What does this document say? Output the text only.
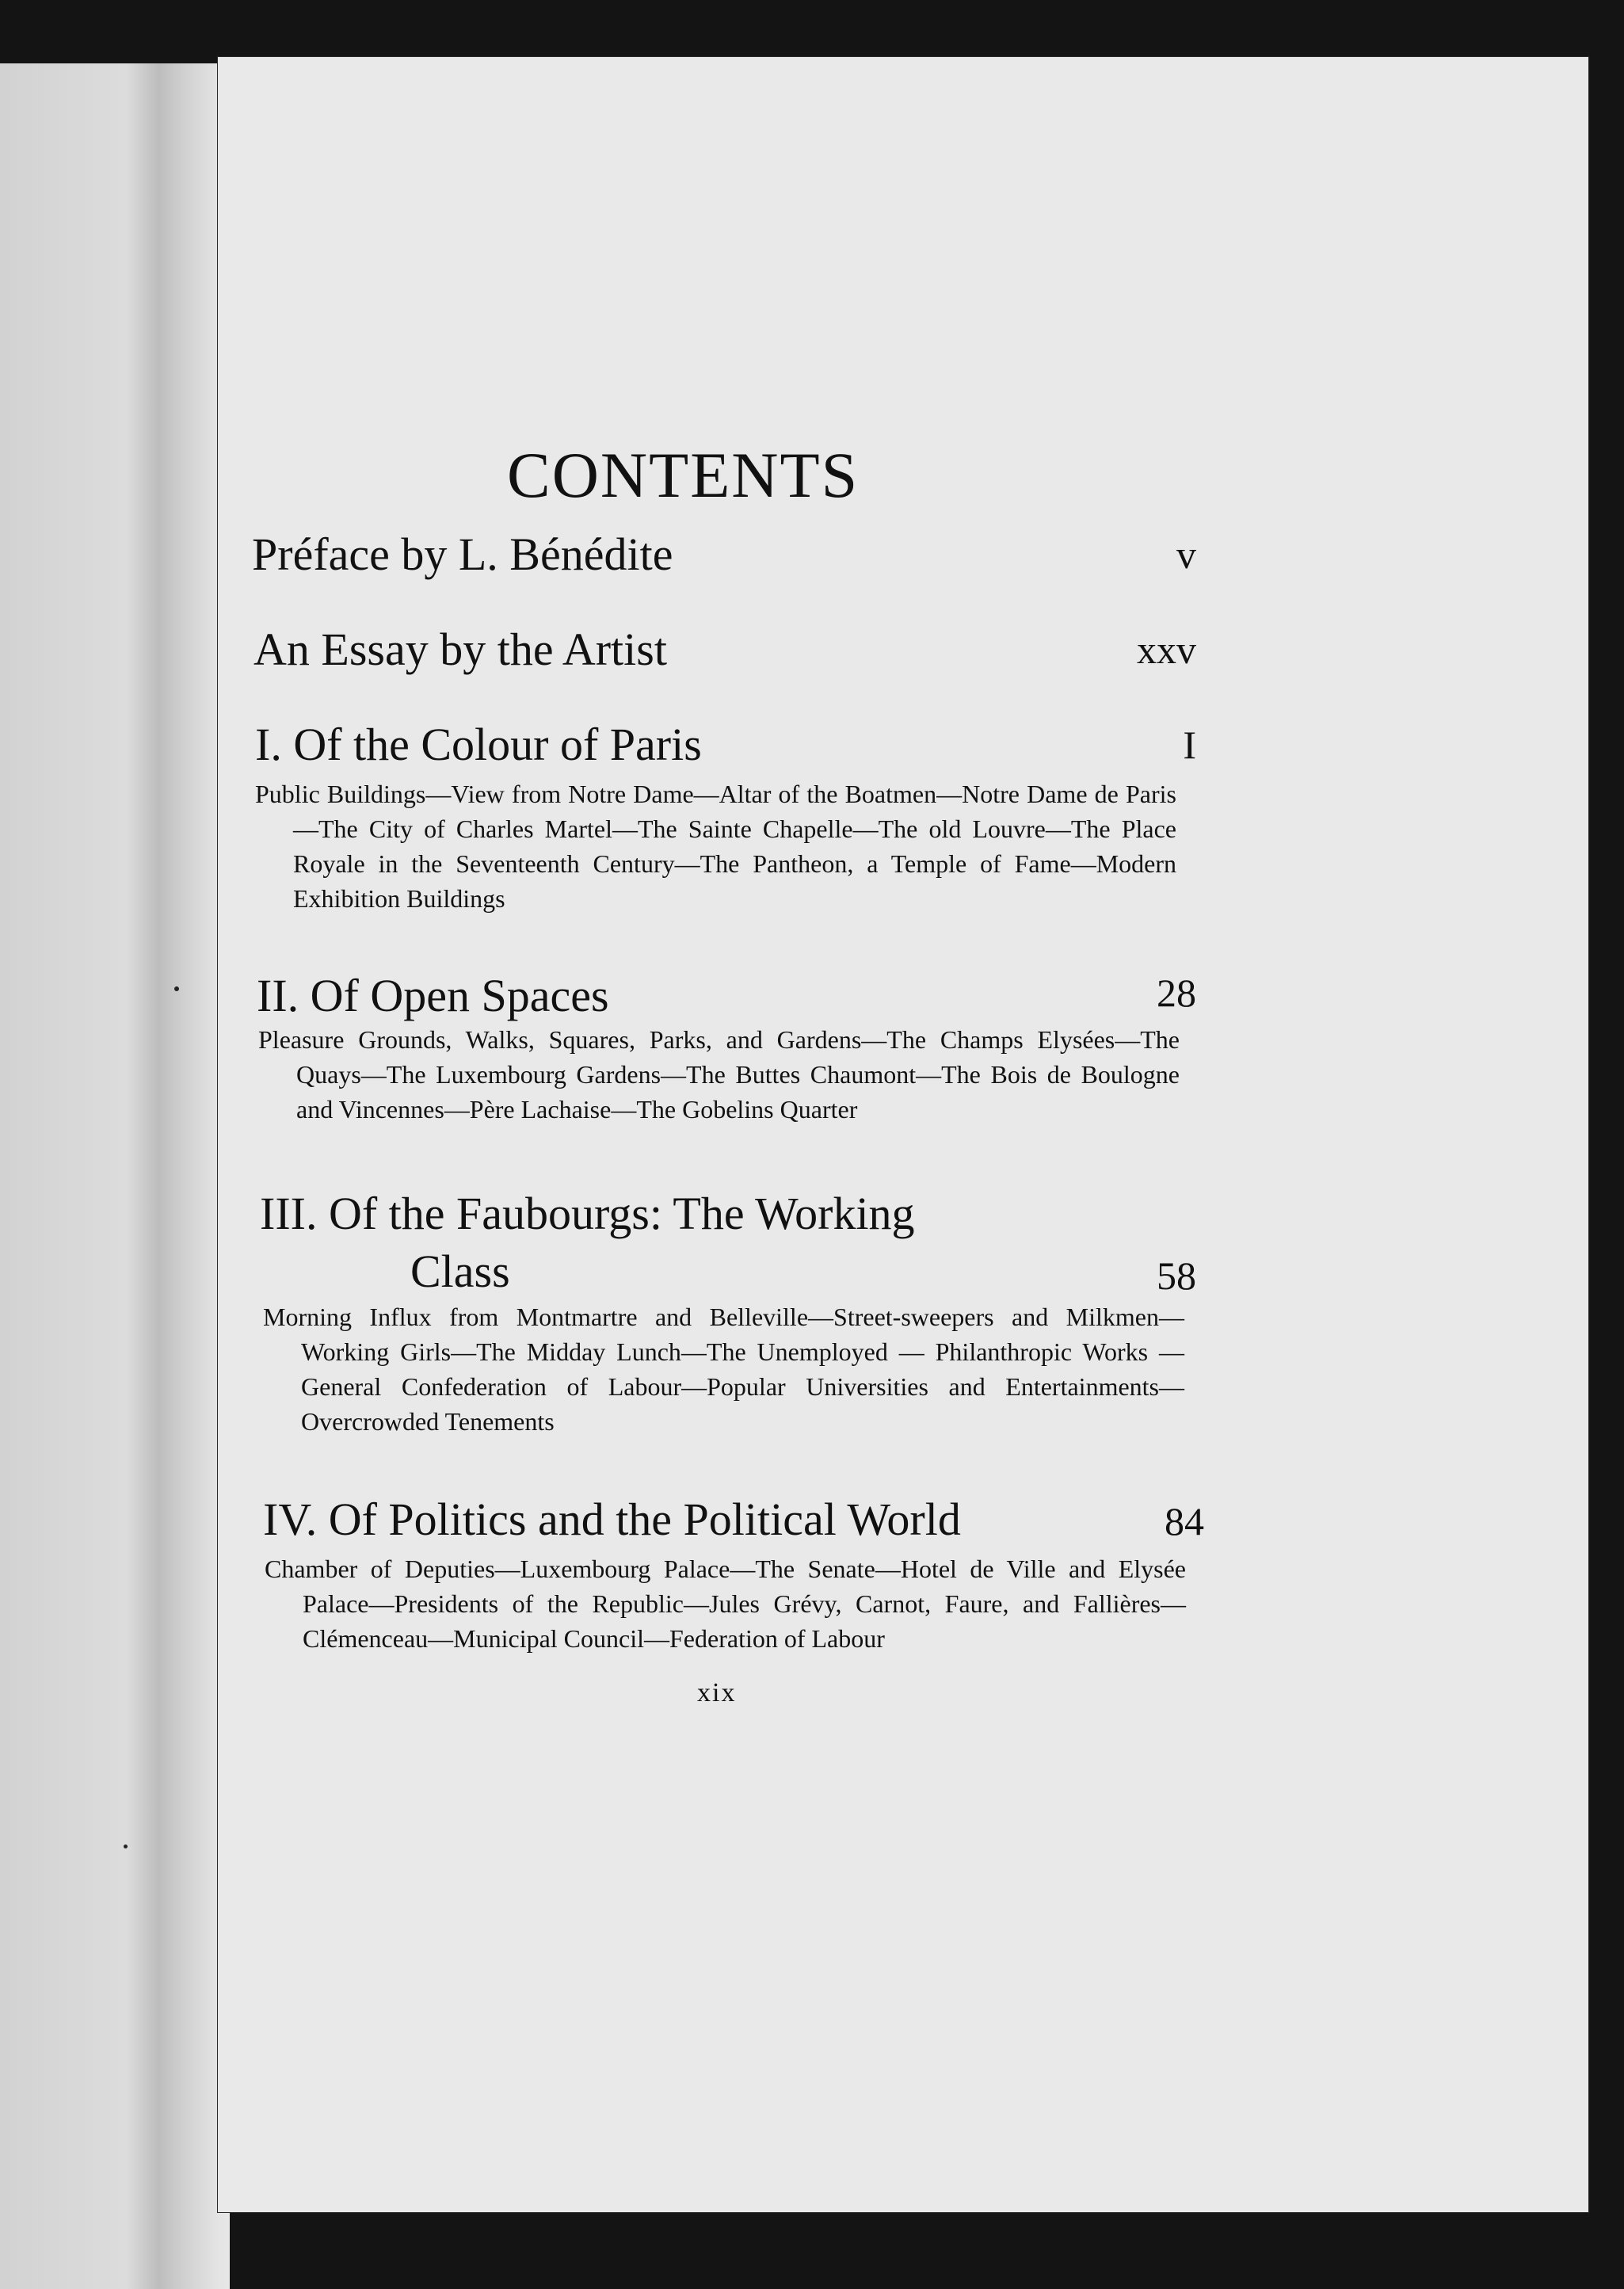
CONTENTS
Préface by L. Bénédite	v
An Essay by the Artist	xxv
I. Of the Colour of Paris	I
Public Buildings—View from Notre Dame—Altar of the Boatmen—Notre Dame de Paris—The City of Charles Martel—The Sainte Chapelle—The old Louvre—The Place Royale in the Seventeenth Century—The Pantheon, a Temple of Fame—Modern Exhibition Buildings
II. Of Open Spaces	28
Pleasure Grounds, Walks, Squares, Parks, and Gardens—The Champs Elysées—The Quays—The Luxembourg Gardens—The Buttes Chaumont—The Bois de Boulogne and Vincennes—Père Lachaise—The Gobelins Quarter
III. Of the Faubourgs: The Working
Class	58
Morning Influx from Montmartre and Belleville—Street-sweepers and Milkmen—Working Girls—The Midday Lunch—The Unemployed — Philanthropic Works — General Confederation of Labour—Popular Universities and Entertainments—Overcrowded Tenements
IV. Of Politics and the Political World	84
Chamber of Deputies—Luxembourg Palace—The Senate—Hotel de Ville and Elysée Palace—Presidents of the Republic—Jules Grévy, Carnot, Faure, and Fallières—Clémenceau—Municipal Council—Federation of Labour
xix
